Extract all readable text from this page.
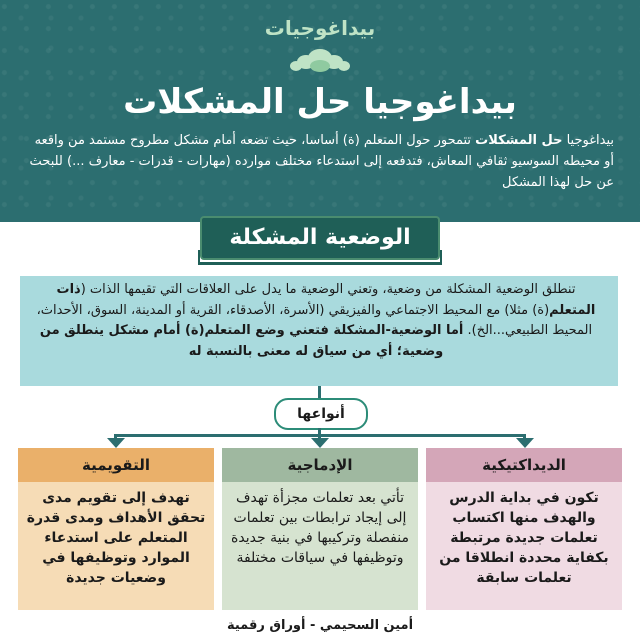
بيداغوجيات
بيداغوجيا حل المشكلات
بيداغوجيا حل المشكلات تتمحور حول المتعلم (ة) أساسا، حيث تضعه أمام مشكل مطروح مستمد من واقعه أو محيطه السوسيو ثقافي المعاش، فتدفعه إلى استدعاء مختلف موارده (مهارات - قدرات - معارف ...) للبحث عن حل لهذا المشكل
الوضعية المشكلة
تنطلق الوضعية المشكلة من وضعية، وتعني الوضعية ما يدل على العلاقات التي تقيمها الذات (ذات المتعلم(ة) مثلا) مع المحيط الاجتماعي والفيزيقي (الأسرة، الأصدقاء، القرية أو المدينة، السوق، الأحداث، المحيط الطبيعي...الخ). أما الوضعية-المشكلة فتعني وضع المتعلم(ة) أمام مشكل ينطلق من وضعية؛ أي من سياق له معنى بالنسبة له
أنواعها
الديداكتيكية
تكون في بداية الدرس والهدف منها اكتساب تعلمات جديدة مرتبطة بكفاية محددة انطلاقا من تعلمات سابقة
الإدماجية
تأتي بعد تعلمات مجزأة تهدف إلى إيجاد ترابطات بين تعلمات منفصلة وتركيبها في بنية جديدة وتوظيفها في سياقات مختلفة
التقويمية
تهدف إلى تقويم مدى تحقق الأهداف ومدى قدرة المتعلم على استدعاء الموارد وتوظيفها في وضعيات جديدة
أمين السحيمي - أوراق رقمية
